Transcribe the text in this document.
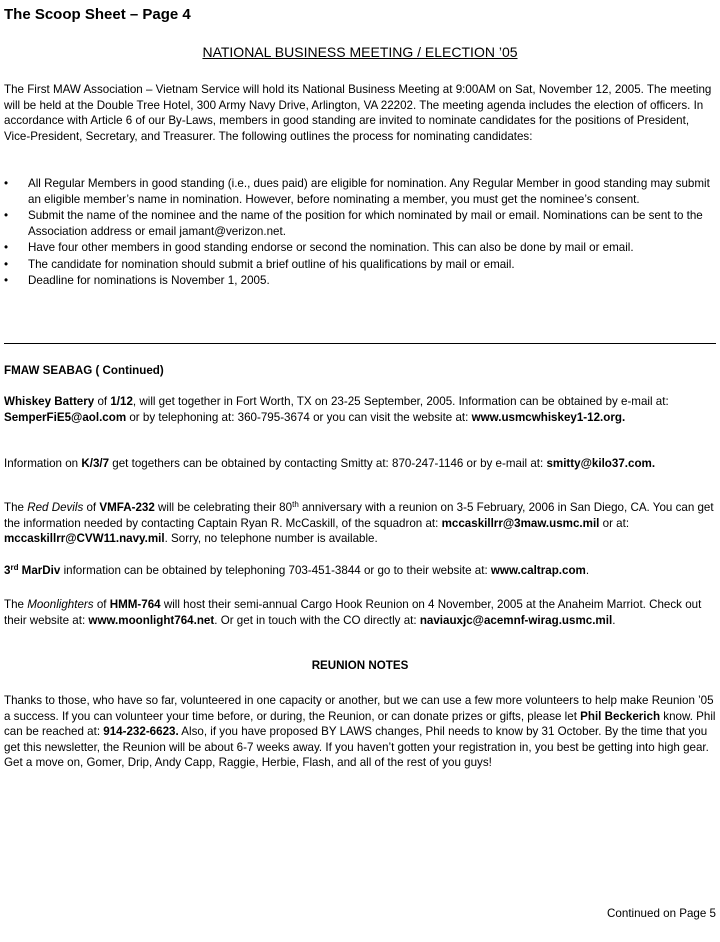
The Scoop Sheet – Page 4
NATIONAL BUSINESS MEETING / ELECTION ’05

The First MAW Association – Vietnam Service will hold its National Business Meeting at 9:00AM on Sat, November 12, 2005. The meeting will be held at the Double Tree Hotel, 300 Army Navy Drive, Arlington, VA 22202. The meeting agenda includes the election of officers. In accordance with Article 6 of our By-Laws, members in good standing are invited to nominate candidates for the positions of President, Vice-President, Secretary, and Treasurer. The following outlines the process for nominating candidates:

• All Regular Members in good standing (i.e., dues paid) are eligible for nomination. Any Regular Member in good standing may submit an eligible member’s name in nomination. However, before nominating a member, you must get the nominee’s consent.
• Submit the name of the nominee and the name of the position for which nominated by mail or email. Nominations can be sent to the Association address or email jamant@verizon.net.
• Have four other members in good standing endorse or second the nomination. This can also be done by mail or email.
• The candidate for nomination should submit a brief outline of his qualifications by mail or email.
• Deadline for nominations is November 1, 2005.

FMAW SEABAG ( Continued)

Whiskey Battery of 1/12, will get together in Fort Worth, TX on 23-25 September, 2005. Information can be obtained by e-mail at: SemperFiE5@aol.com or by telephoning at: 360-795-3674 or you can visit the website at: www.usmcwhiskey1-12.org.

Information on K/3/7 get togethers can be obtained by contacting Smitty at: 870-247-1146 or by e-mail at: smitty@kilo37.com.

The Red Devils of VMFA-232 will be celebrating their 80th anniversary with a reunion on 3-5 February, 2006 in San Diego, CA. You can get the information needed by contacting Captain Ryan R. McCaskill, of the squadron at: mccaskillrr@3maw.usmc.mil or at: mccaskillrr@CVW11.navy.mil. Sorry, no telephone number is available.

3rd MarDiv information can be obtained by telephoning 703-451-3844 or go to their website at: www.caltrap.com.

The Moonlighters of HMM-764 will host their semi-annual Cargo Hook Reunion on 4 November, 2005 at the Anaheim Marriot. Check out their website at: www.moonlight764.net. Or get in touch with the CO directly at: naviauxjc@acemnf-wirag.usmc.mil.

REUNION NOTES

Thanks to those, who have so far, volunteered in one capacity or another, but we can use a few more volunteers to help make Reunion ’05 a success. If you can volunteer your time before, or during, the Reunion, or can donate prizes or gifts, please let Phil Beckerich know. Phil can be reached at: 914-232-6623. Also, if you have proposed BY LAWS changes, Phil needs to know by 31 October. By the time that you get this newsletter, the Reunion will be about 6-7 weeks away. If you haven’t gotten your registration in, you best be getting into high gear. Get a move on, Gomer, Drip, Andy Capp, Raggie, Herbie, Flash, and all of the rest of you guys!

Continued on Page 5
